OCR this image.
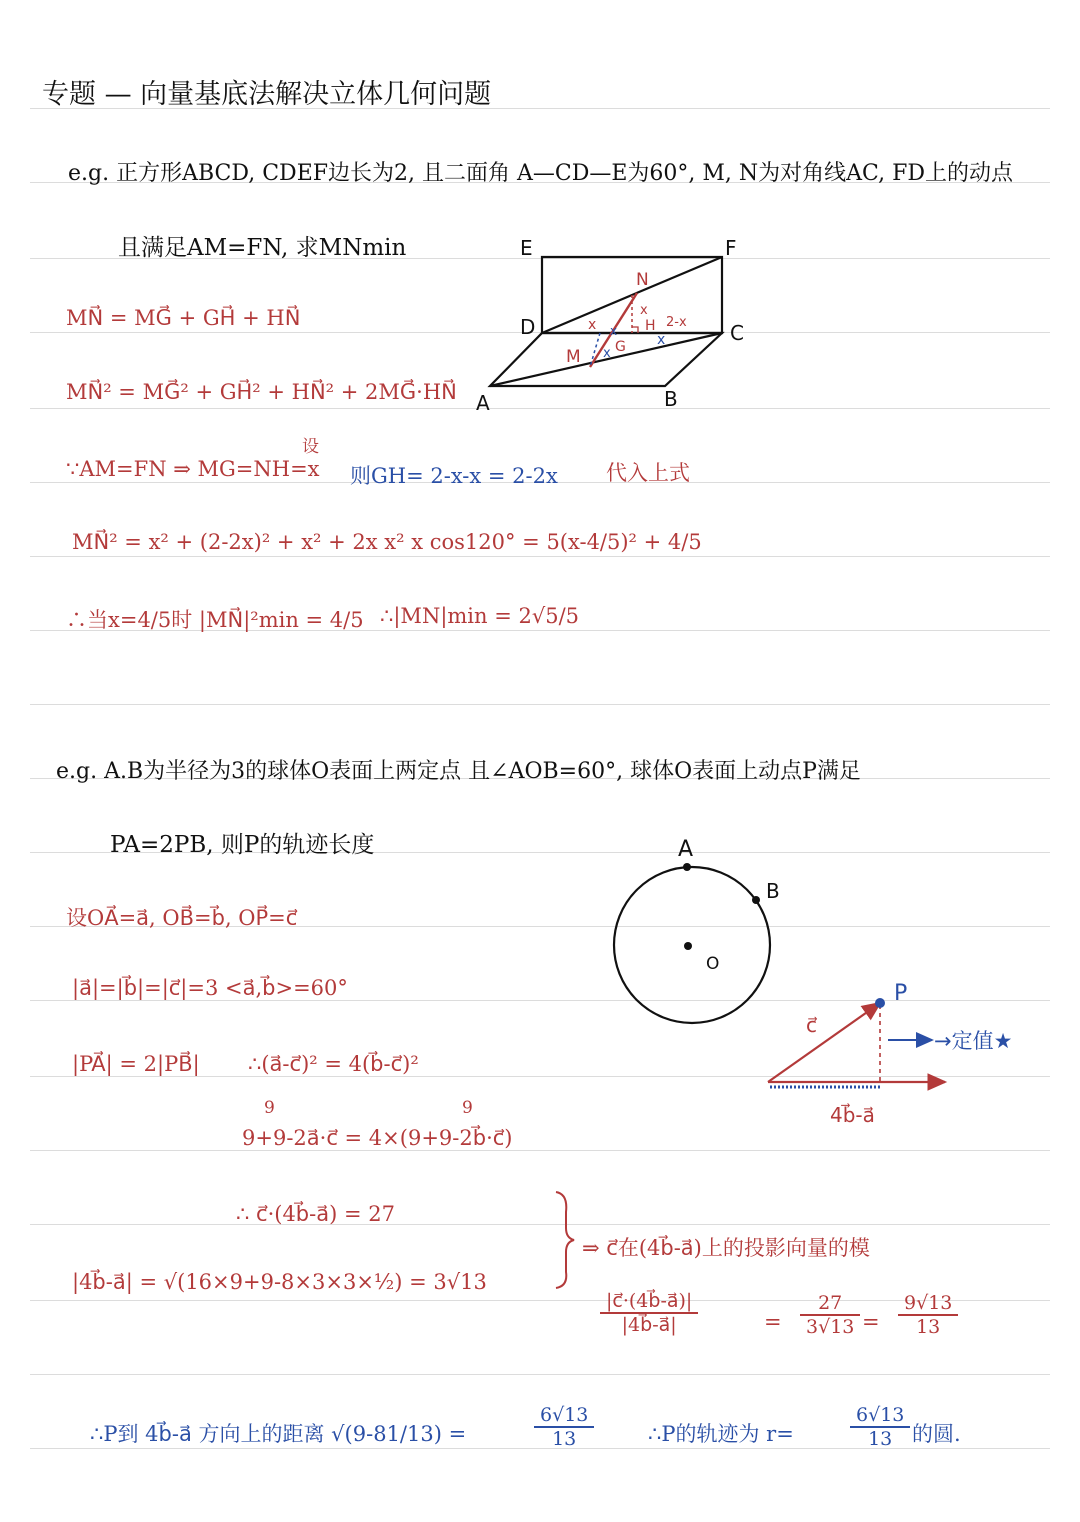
专题 — 向量基底法解决立体几何问题
e.g. 正方形ABCD, CDEF边长为2, 且二面角 A—CD—E为60°, M, N为对角线AC, FD上的动点
且满足AM=FN, 求MNmin	E	F
D	C
A	B
N
M G
H
x
x	2-x
x
x
x
MN⃗ = MG⃗ + GH⃗ + HN⃗
MN⃗² = MG⃗² + GH⃗² + HN⃗² + 2MG⃗·HN⃗
设
∵AM=FN ⇒ MG=NH=x 则GH= 2-x-x = 2-2x 代入上式
MN⃗² = x² + (2-2x)² + x² + 2x x² x cos120° = 5(x-4/5)² + 4/5
∴当x=4/5时 |MN⃗|²min = 4/5 ∴|MN|min = 2√5/5
e.g. A.B为半径为3的球体O表面上两定点 且∠AOB=60°, 球体O表面上动点P满足
PA=2PB, 则P的轨迹长度	A
B
O
P
c⃗
→定值★
4b⃗-a⃗
设OA⃗=a⃗, OB⃗=b⃗, OP⃗=c⃗
|a⃗|=|b⃗|=|c⃗|=3 <a⃗,b⃗>=60°
|PA⃗| = 2|PB⃗| ∴(a⃗-c⃗)² = 4(b⃗-c⃗)²
9	9
9+9-2a⃗·c⃗ = 4×(9+9-2b⃗·c⃗)
∴ c⃗·(4b⃗-a⃗) = 27
|4b⃗-a⃗| = √(16×9+9-8×3×3×½) = 3√13
⇒ c⃗在(4b⃗-a⃗)上的投影向量的模
$\frac{|c⃗\cdot(4b⃗-a⃗)|}{|4b⃗-a⃗|}$	= $\frac{27}{3√13} = \frac{9√13}{13}$
∴P到 4b⃗-a⃗ 方向上的距离 √(9-81/13) =	$\frac{6√13}{13}$	∴P的轨迹为 r=	$\frac{6√13}{13}$ 的圆.
